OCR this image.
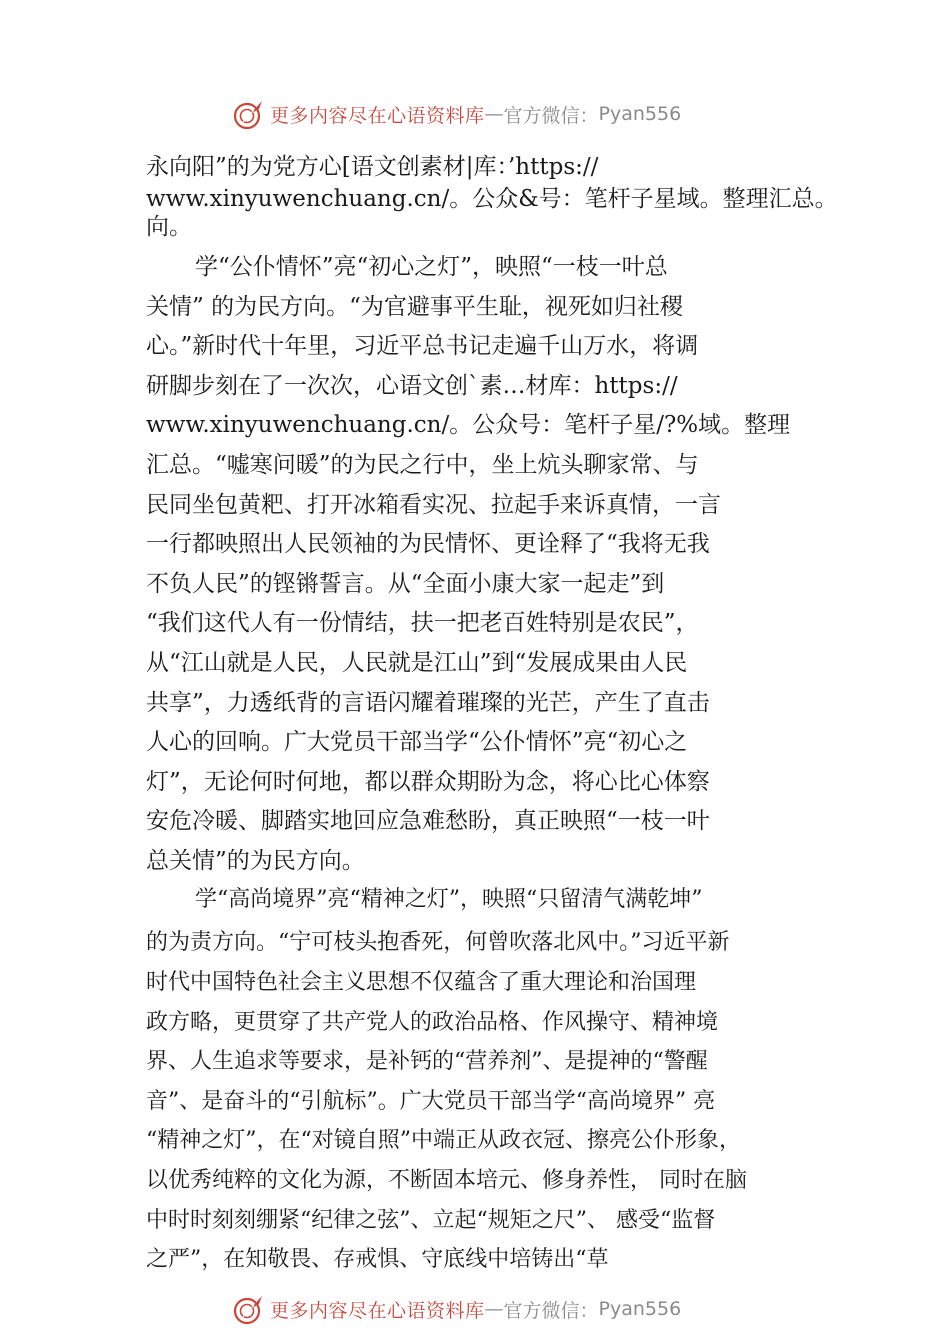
更多内容尽在心语资料库 — 官方微信： Pyan556
永向阳”的为党方心[语文创素材|库：’https://
www.xinyuwenchuang.cn/。公众&号：笔杆子星域。整理汇总。
向。
学“公仆情怀”亮“初心之灯”，映照“一枝一叶总
关情” 的为民方向。“为官避事平生耻，视死如归社稷
心。”新时代十年里，习近平总书记走遍千山万水，将调
研脚步刻在了一次次，心语文创`素…材库：https://
www.xinyuwenchuang.cn/。公众号：笔杆子星/?%域。整理
汇总。“嘘寒问暖”的为民之行中，坐上炕头聊家常、与
民同坐包黄粑、打开冰箱看实况、拉起手来诉真情，一言
一行都映照出人民领袖的为民情怀、更诠释了“我将无我
不负人民”的铿锵誓言。从“全面小康大家一起走”到
“我们这代人有一份情结，扶一把老百姓特别是农民”，
从“江山就是人民，人民就是江山”到“发展成果由人民
共享”，力透纸背的言语闪耀着璀璨的光芒，产生了直击
人心的回响。广大党员干部当学“公仆情怀”亮“初心之
灯”，无论何时何地，都以群众期盼为念，将心比心体察
安危冷暖、脚踏实地回应急难愁盼，真正映照“一枝一叶
总关情”的为民方向。
学“高尚境界”亮“精神之灯”，映照“只留清气满乾坤”
的为责方向。“宁可枝头抱香死，何曾吹落北风中。”习近平新
时代中国特色社会主义思想不仅蕴含了重大理论和治国理
政方略，更贯穿了共产党人的政治品格、作风操守、精神境
界、人生追求等要求，是补钙的“营养剂”、是提神的“警醒
音”、是奋斗的“引航标”。广大党员干部当学“高尚境界” 亮
“精神之灯”，在“对镜自照”中端正从政衣冠、擦亮公仆形象，
以优秀纯粹的文化为源，不断固本培元、修身养性， 同时在脑
中时时刻刻绷紧“纪律之弦”、立起“规矩之尺”、 感受“监督
之严”，在知敬畏、存戒惧、守底线中培铸出“草
更多内容尽在心语资料库 — 官方微信： Pyan556
